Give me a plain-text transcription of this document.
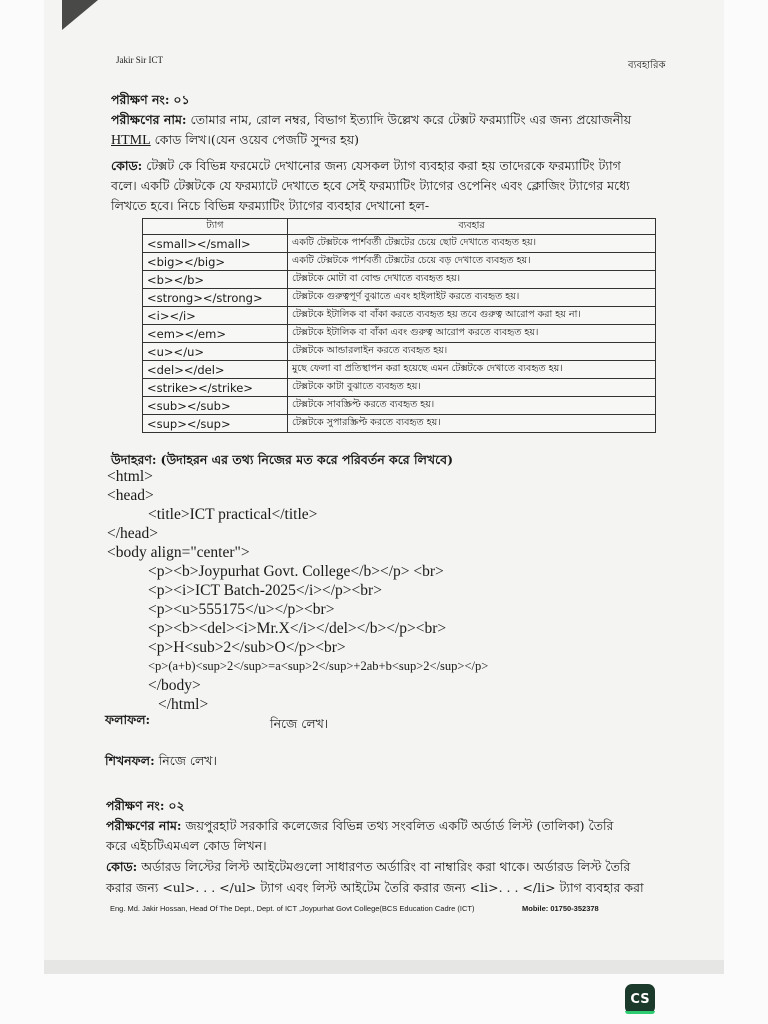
Jakir Sir ICT	ব্যবহারিক
পরীক্ষণ নং: ০১
পরীক্ষণের নাম: তোমার নাম, রোল নম্বর, বিভাগ ইত্যাদি উল্লেখ করে টেক্সট ফরম্যাটিং এর জন্য প্রয়োজনীয়
HTML কোড লিখ।(যেন ওয়েব পেজটি সুন্দর হয়)
কোড: টেক্সট কে বিভিন্ন ফরমেটে দেখানোর জন্য যেসকল ট্যাগ ব্যবহার করা হয় তাদেরকে ফরম্যাটিং ট্যাগ
বলে। একটি টেক্সটকে যে ফরম্যাটে দেখাতে হবে সেই ফরম্যাটিং ট্যাগের ওপেনিং এবং ক্লোজিং ট্যাগের মধ্যে
লিখতে হবে। নিচে বিভিন্ন ফরম্যাটিং ট্যাগের ব্যবহার দেখানো হল-
ট্যাগ	ব্যবহার
<small></small>	একটি টেক্সটকে পার্শবর্তী টেক্সটের চেয়ে ছোট দেখাতে ব্যবহৃত হয়।
<big></big>	একটি টেক্সটকে পার্শবর্তী টেক্সটের চেয়ে বড় দেখাতে ব্যবহৃত হয়।
<b></b>	টেক্সটকে মোটা বা বোল্ড দেখাতে ব্যবহৃত হয়।
<strong></strong>	টেক্সটকে গুরুত্বপূর্ণ বুঝাতে এবং হাইলাইট করতে ব্যবহৃত হয়।
<i></i>	টেক্সটকে ইটালিক বা বাঁকা করতে ব্যবহৃত হয় তবে গুরুত্ব আরোপ করা হয় না।
<em></em>	টেক্সটকে ইটালিক বা বাঁকা এবং গুরুত্ব আরোপ করতে ব্যবহৃত হয়।
<u></u>	টেক্সটকে আন্ডারলাইন করতে ব্যবহৃত হয়।
<del></del>	মুছে ফেলা বা প্রতিস্থাপন করা হয়েছে এমন টেক্সটকে দেখাতে ব্যবহৃত হয়।
<strike></strike>	টেক্সটকে কাটা বুঝাতে ব্যবহৃত হয়।
<sub></sub>	টেক্সটকে সাবস্ক্রিপ্ট করতে ব্যবহৃত হয়।
<sup></sup>	টেক্সটকে সুপারস্ক্রিপ্ট করতে ব্যবহৃত হয়।
উদাহরণ: (উদাহরন এর তথ্য নিজের মত করে পরিবর্তন করে লিখবে)
<html>
<head>
<title>ICT practical</title>
</head>
<body align="center">
<p><b>Joypurhat Govt. College</b></p> <br>
<p><i>ICT Batch-2025</i></p><br>
<p><u>555175</u></p><br>
<p><b><del><i>Mr.X</i></del></b></p><br>
<p>H<sub>2</sub>O</p><br>
<p>(a+b)<sup>2</sup>=a<sup>2</sup>+2ab+b<sup>2</sup></p>
</body>
</html>
ফলাফল:	নিজে লেখ।
শিখনফল: নিজে লেখ।
পরীক্ষণ নং: ০২
পরীক্ষণের নাম: জয়পুরহাট সরকারি কলেজের বিভিন্ন তথ্য সংবলিত একটি অর্ডার্ড লিস্ট (তালিকা) তৈরি
করে এইচটিএমএল কোড লিখন।
কোড: অর্ডারড লিস্টের লিস্ট আইটেমগুলো সাধারণত অর্ডারিং বা নাম্বারিং করা থাকে। অর্ডারড লিস্ট তৈরি
করার জন্য <ul>. . . </ul> ট্যাগ এবং লিস্ট আইটেম তৈরি করার জন্য <li>. . . </li> ট্যাগ ব্যবহার করা
Eng. Md. Jakir Hossan, Head Of The Dept., Dept. of ICT ,Joypurhat Govt College(BCS Education Cadre (ICT)	Mobile: 01750-352378
CS
